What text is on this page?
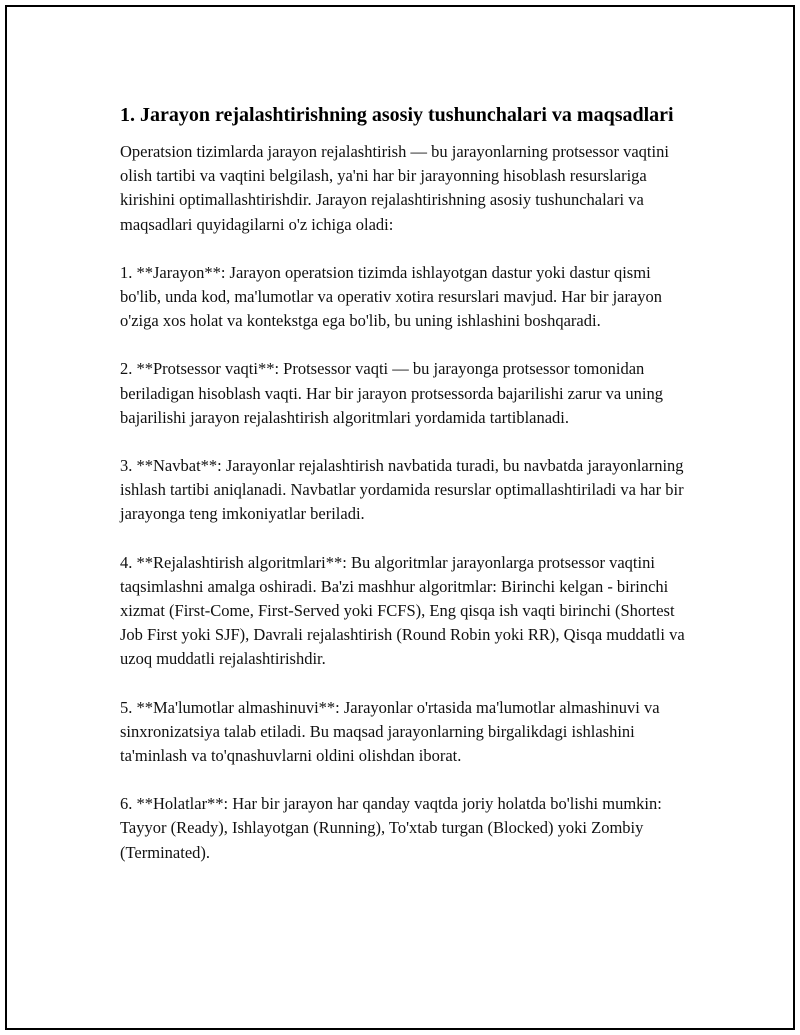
1. Jarayon rejalashtirishning asosiy tushunchalari va maqsadlari

Operatsion tizimlarda jarayon rejalashtirish — bu jarayonlarning protsessor vaqtini olish tartibi va vaqtini belgilash, ya'ni har bir jarayonning hisoblash resurslariga kirishini optimallashtirishdir. Jarayon rejalashtirishning asosiy tushunchalari va maqsadlari quyidagilarni o'z ichiga oladi:

1. **Jarayon**: Jarayon operatsion tizimda ishlayotgan dastur yoki dastur qismi bo'lib, unda kod, ma'lumotlar va operativ xotira resurslari mavjud. Har bir jarayon o'ziga xos holat va kontekstga ega bo'lib, bu uning ishlashini boshqaradi.

2. **Protsessor vaqti**: Protsessor vaqti — bu jarayonga protsessor tomonidan beriladigan hisoblash vaqti. Har bir jarayon protsessorda bajarilishi zarur va uning bajarilishi jarayon rejalashtirish algoritmlari yordamida tartiblanadi.

3. **Navbat**: Jarayonlar rejalashtirish navbatida turadi, bu navbatda jarayonlarning ishlash tartibi aniqlanadi. Navbatlar yordamida resurslar optimallashtiriladi va har bir jarayonga teng imkoniyatlar beriladi.

4. **Rejalashtirish algoritmlari**: Bu algoritmlar jarayonlarga protsessor vaqtini taqsimlashni amalga oshiradi. Ba'zi mashhur algoritmlar: Birinchi kelgan - birinchi xizmat (First-Come, First-Served yoki FCFS), Eng qisqa ish vaqti birinchi (Shortest Job First yoki SJF), Davrali rejalashtirish (Round Robin yoki RR), Qisqa muddatli va uzoq muddatli rejalashtirishdir.

5. **Ma'lumotlar almashinuvi**: Jarayonlar o'rtasida ma'lumotlar almashinuvi va sinxronizatsiya talab etiladi. Bu maqsad jarayonlarning birgalikdagi ishlashini ta'minlash va to'qnashuvlarni oldini olishdan iborat.

6. **Holatlar**: Har bir jarayon har qanday vaqtda joriy holatda bo'lishi mumkin: Tayyor (Ready), Ishlayotgan (Running), To'xtab turgan (Blocked) yoki Zombiy (Terminated).
